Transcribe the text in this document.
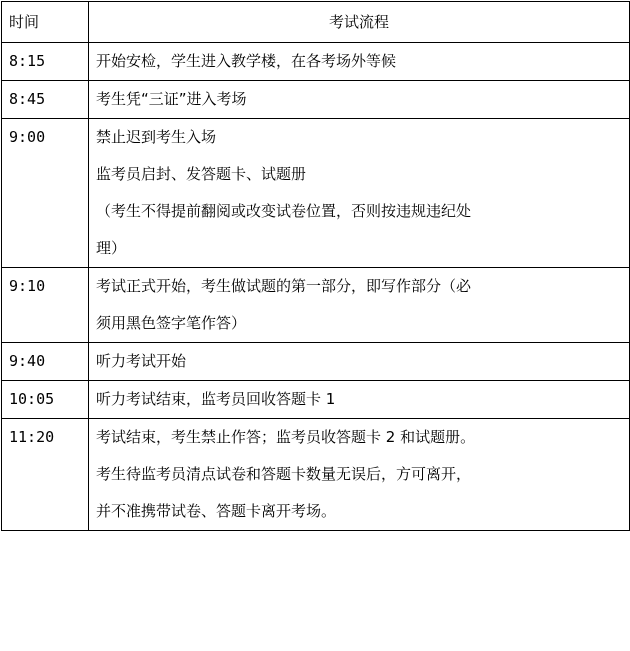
时间	考试流程

8:15	开始安检，学生进入教学楼，在各考场外等候

8:45	考生凭“三证”进入考场

9:00	禁止迟到考生入场
监考员启封、发答题卡、试题册
（考生不得提前翻阅或改变试卷位置，否则按违规违纪处
理）

9:10	考试正式开始，考生做试题的第一部分，即写作部分（必
须用黑色签字笔作答）

9:40	听力考试开始

10:05	听力考试结束，监考员回收答题卡 1

11:20	考试结束，考生禁止作答；监考员收答题卡 2 和试题册。
考生待监考员清点试卷和答题卡数量无误后，方可离开，
并不准携带试卷、答题卡离开考场。
